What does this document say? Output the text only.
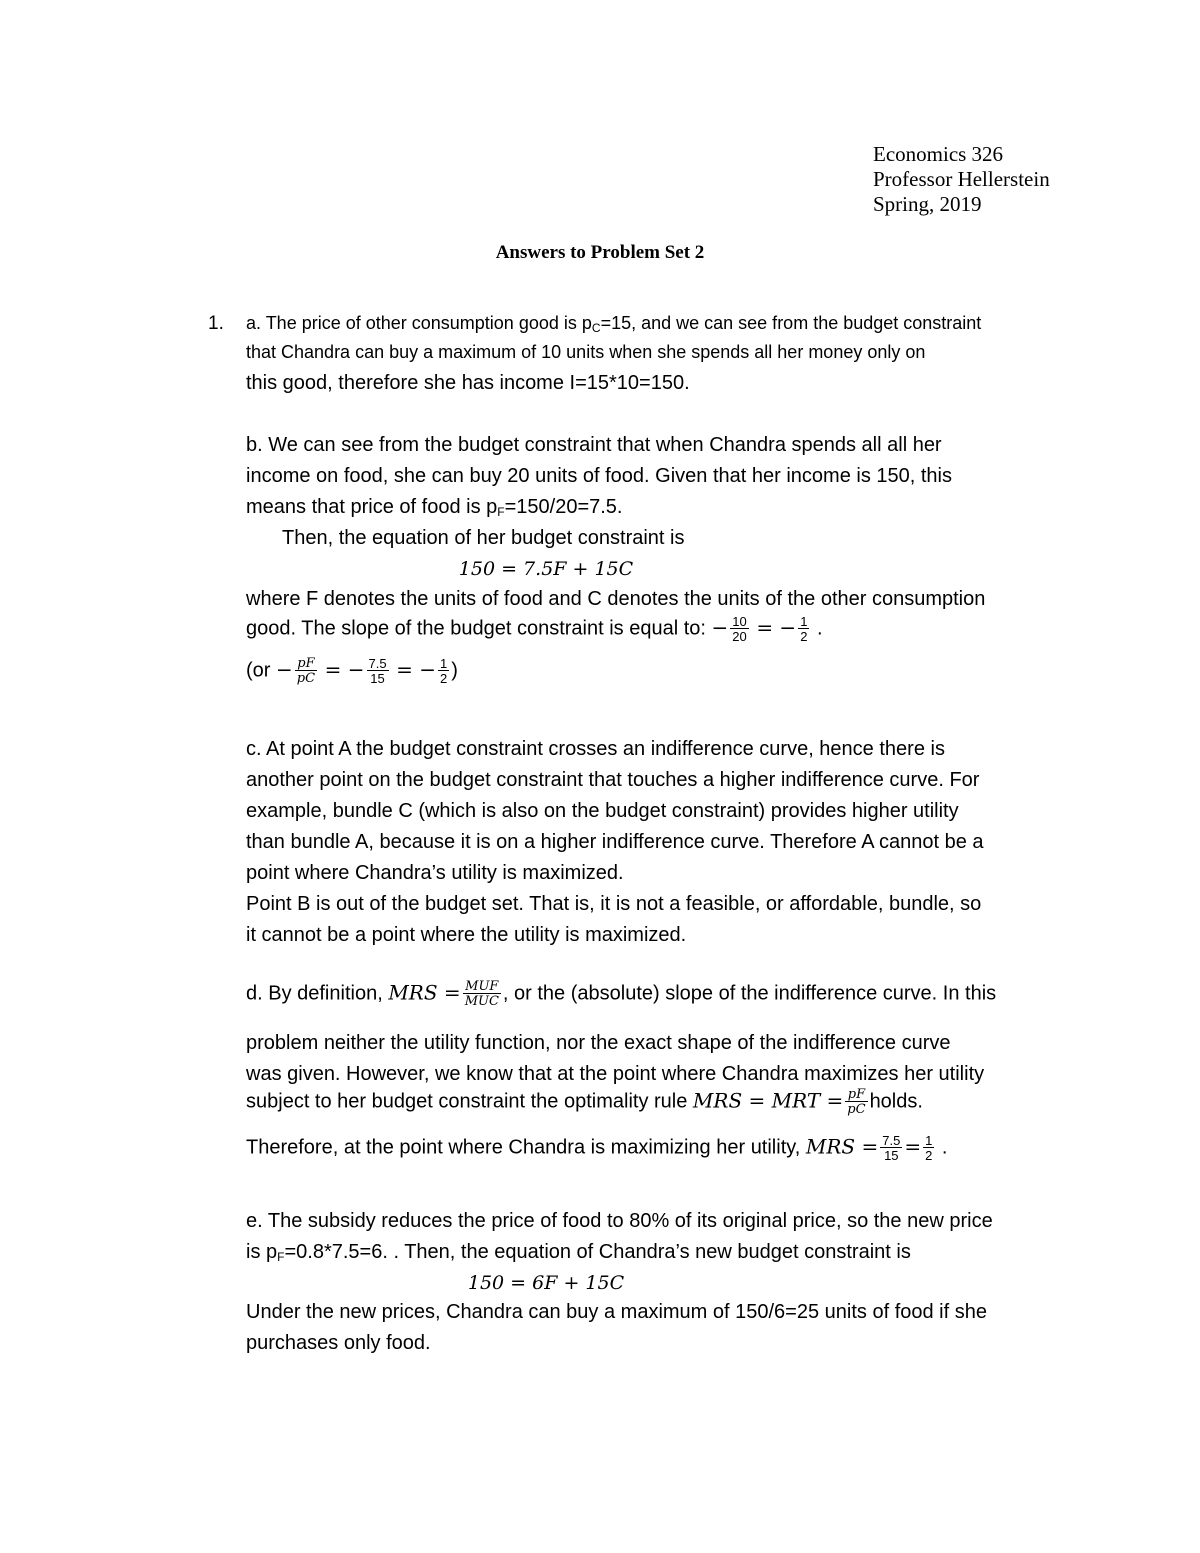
Economics 326
Professor Hellerstein
Spring, 2019
Answers to Problem Set 2
1. a. The price of other consumption good is $p_C=15$, and we can see from the budget constraint
that Chandra can buy a maximum of 10 units when she spends all her money only on
this good, therefore she has income I=15*10=150.
b. We can see from the budget constraint that when Chandra spends all all her
income on food, she can buy 20 units of food. Given that her income is 150, this
means that price of food is $p_F=150/20=7.5$.
Then, the equation of her budget constraint is
150 = 7.5F + 15C
where F denotes the units of food and C denotes the units of the other consumption
good. The slope of the budget constraint is equal to: − $\frac{10}{20}$ = − $\frac{1}{2}$ .
($or - \frac{pF}{pC}$ = − $\frac{7.5}{15}$ = − $\frac{1}{2}$ )
c. At point A the budget constraint crosses an indifference curve, hence there is
another point on the budget constraint that touches a higher indifference curve. For
example, bundle C (which is also on the budget constraint) provides higher utility
than bundle A, because it is on a higher indifference curve. Therefore A cannot be a
point where Chandra’s utility is maximized.
Point B is out of the budget set. That is, it is not a feasible, or affordable, bundle, so
it cannot be a point where the utility is maximized.
d. By definition, MRS = $\frac{\text{MUF}}{\text{MUC}}$ , or the (absolute) slope of the indifference curve. In this
problem neither the utility function, nor the exact shape of the indifference curve
was given. However, we know that at the point where Chandra maximizes her utility
subject to her budget constraint the optimality rule MRS = MRT = $\frac{pF}{pC}$ holds.
Therefore, at the point where Chandra is maximizing her utility, MRS = $\frac{7.5}{15} = \frac{1}{2}$ .
e. The subsidy reduces the price of food to 80% of its original price, so the new price
is $p_F=0.8*7.5=6$. . Then, the equation of Chandra’s new budget constraint is
150 = 6F + 15C
Under the new prices, Chandra can buy a maximum of 150/6=25 units of food if she
purchases only food.
